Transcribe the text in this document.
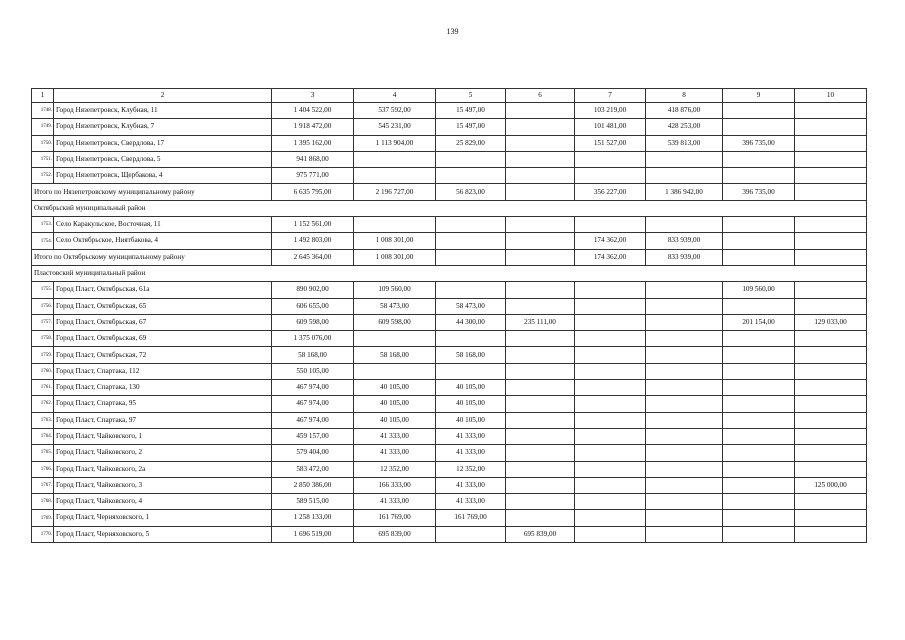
139
1	2	3	4	5	6	7	8	9	10
1748.	Город Нязепетровск, Клубная, 11	1 404 522,00	537 592,00	15 497,00		103 219,00	418 876,00		
1749.	Город Нязепетровск, Клубная, 7	1 918 472,00	545 231,00	15 497,00		101 481,00	428 253,00		
1750.	Город Нязепетровск, Свердлова, 17	1 395 162,00	1 113 904,00	25 829,00		151 527,00	539 813,00	396 735,00	
1751.	Город Нязепетровск, Свердлова, 5	941 868,00							
1752.	Город Нязепетровск, Щербакова, 4	975 771,00							
Итого по Нязепетровскому муниципальному району		6 635 795,00	2 196 727,00	56 823,00		356 227,00	1 386 942,00	396 735,00	
Октябрьский муниципальный район									
1753.	Село Каракульское, Восточная, 11	1 152 561,00							
1754.	Село Октябрьское, Ниятбакова, 4	1 492 803,00	1 008 301,00			174 362,00	833 939,00		
Итого по Октябрьскому муниципальному району		2 645 364,00	1 008 301,00			174 362,00	833 939,00		
Пластовский муниципальный район									
1755.	Город Пласт, Октябрьская, 61а	890 902,00	109 560,00					109 560,00	
1756.	Город Пласт, Октябрьская, 65	606 655,00	58 473,00	58 473,00					
1757.	Город Пласт, Октябрьская, 67	609 598,00	609 598,00	44 300,00	235 111,00			201 154,00	129 033,00
1758.	Город Пласт, Октябрьская, 69	1 375 076,00							
1759.	Город Пласт, Октябрьская, 72	58 168,00	58 168,00	58 168,00					
1760.	Город Пласт, Спартака, 112	550 105,00							
1761.	Город Пласт, Спартака, 130	467 974,00	40 105,00	40 105,00					
1762.	Город Пласт, Спартака, 95	467 974,00	40 105,00	40 105,00					
1763.	Город Пласт, Спартака, 97	467 974,00	40 105,00	40 105,00					
1764.	Город Пласт, Чайковского, 1	459 157,00	41 333,00	41 333,00					
1765.	Город Пласт, Чайковского, 2	579 404,00	41 333,00	41 333,00					
1766.	Город Пласт, Чайковского, 2а	583 472,00	12 352,00	12 352,00					
1767.	Город Пласт, Чайковского, 3	2 850 386,00	166 333,00	41 333,00					125 000,00
1768.	Город Пласт, Чайковского, 4	589 515,00	41 333,00	41 333,00					
1769.	Город Пласт, Черняховского, 1	1 258 133,00	161 769,00	161 769,00					
1770.	Город Пласт, Черняховского, 5	1 696 519,00	695 839,00		695 839,00				
